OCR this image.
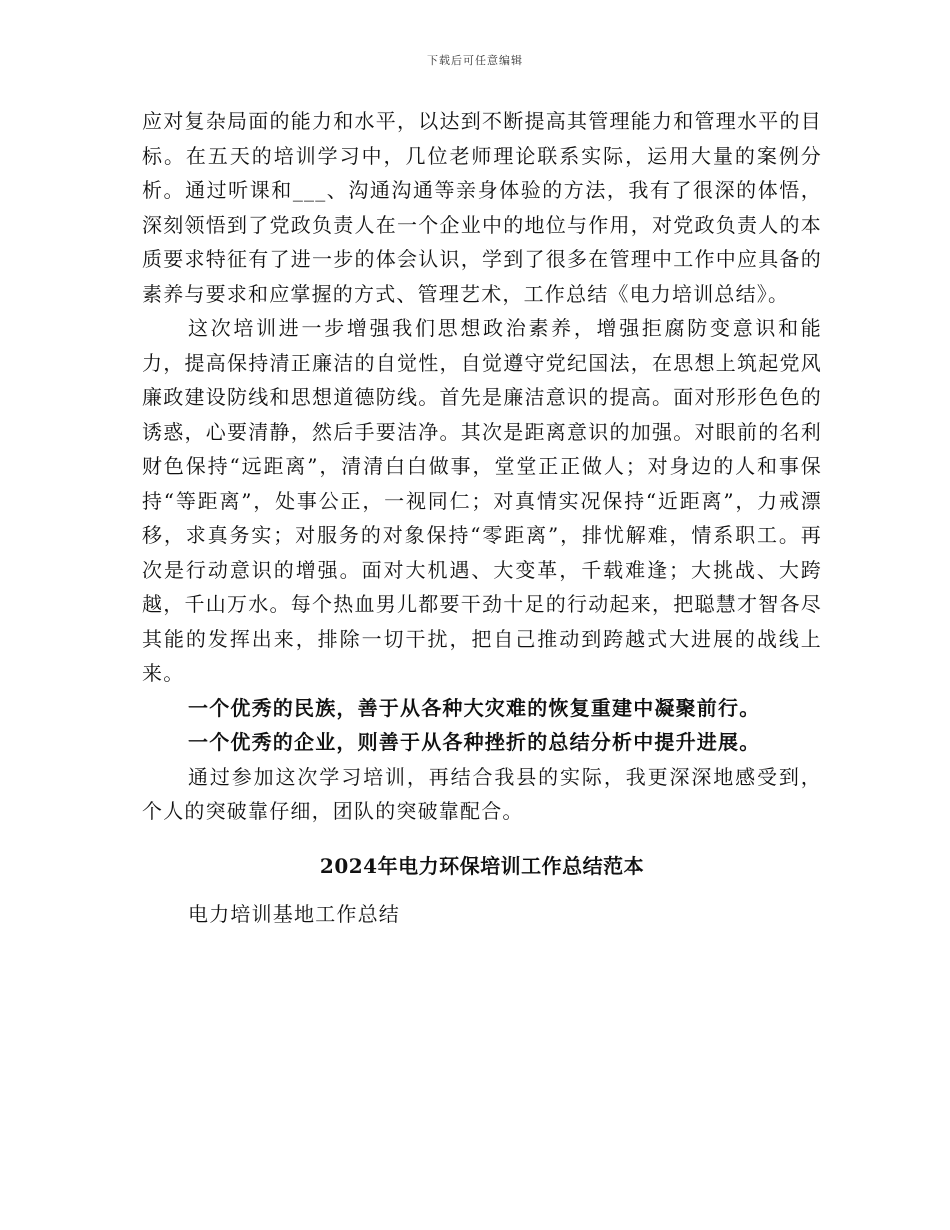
下载后可任意编辑

应对复杂局面的能力和水平，以达到不断提高其管理能力和管理水平的目标。在五天的培训学习中，几位老师理论联系实际，运用大量的案例分析。通过听课和___、沟通沟通等亲身体验的方法，我有了很深的体悟，深刻领悟到了党政负责人在一个企业中的地位与作用，对党政负责人的本质要求特征有了进一步的体会认识，学到了很多在管理中工作中应具备的素养与要求和应掌握的方式、管理艺术，工作总结《电力培训总结》。

这次培训进一步增强我们思想政治素养，增强拒腐防变意识和能力，提高保持清正廉洁的自觉性，自觉遵守党纪国法，在思想上筑起党风廉政建设防线和思想道德防线。首先是廉洁意识的提高。面对形形色色的诱惑，心要清静，然后手要洁净。其次是距离意识的加强。对眼前的名利财色保持“远距离”，清清白白做事，堂堂正正做人；对身边的人和事保持“等距离”，处事公正，一视同仁；对真情实况保持“近距离”，力戒漂移，求真务实；对服务的对象保持“零距离”，排忧解难，情系职工。再次是行动意识的增强。面对大机遇、大变革，千载难逢；大挑战、大跨越，千山万水。每个热血男儿都要干劲十足的行动起来，把聪慧才智各尽其能的发挥出来，排除一切干扰，把自己推动到跨越式大进展的战线上来。

一个优秀的民族，善于从各种大灾难的恢复重建中凝聚前行。

一个优秀的企业，则善于从各种挫折的总结分析中提升进展。

通过参加这次学习培训，再结合我县的实际，我更深深地感受到，个人的突破靠仔细，团队的突破靠配合。

2024年电力环保培训工作总结范本

电力培训基地工作总结
